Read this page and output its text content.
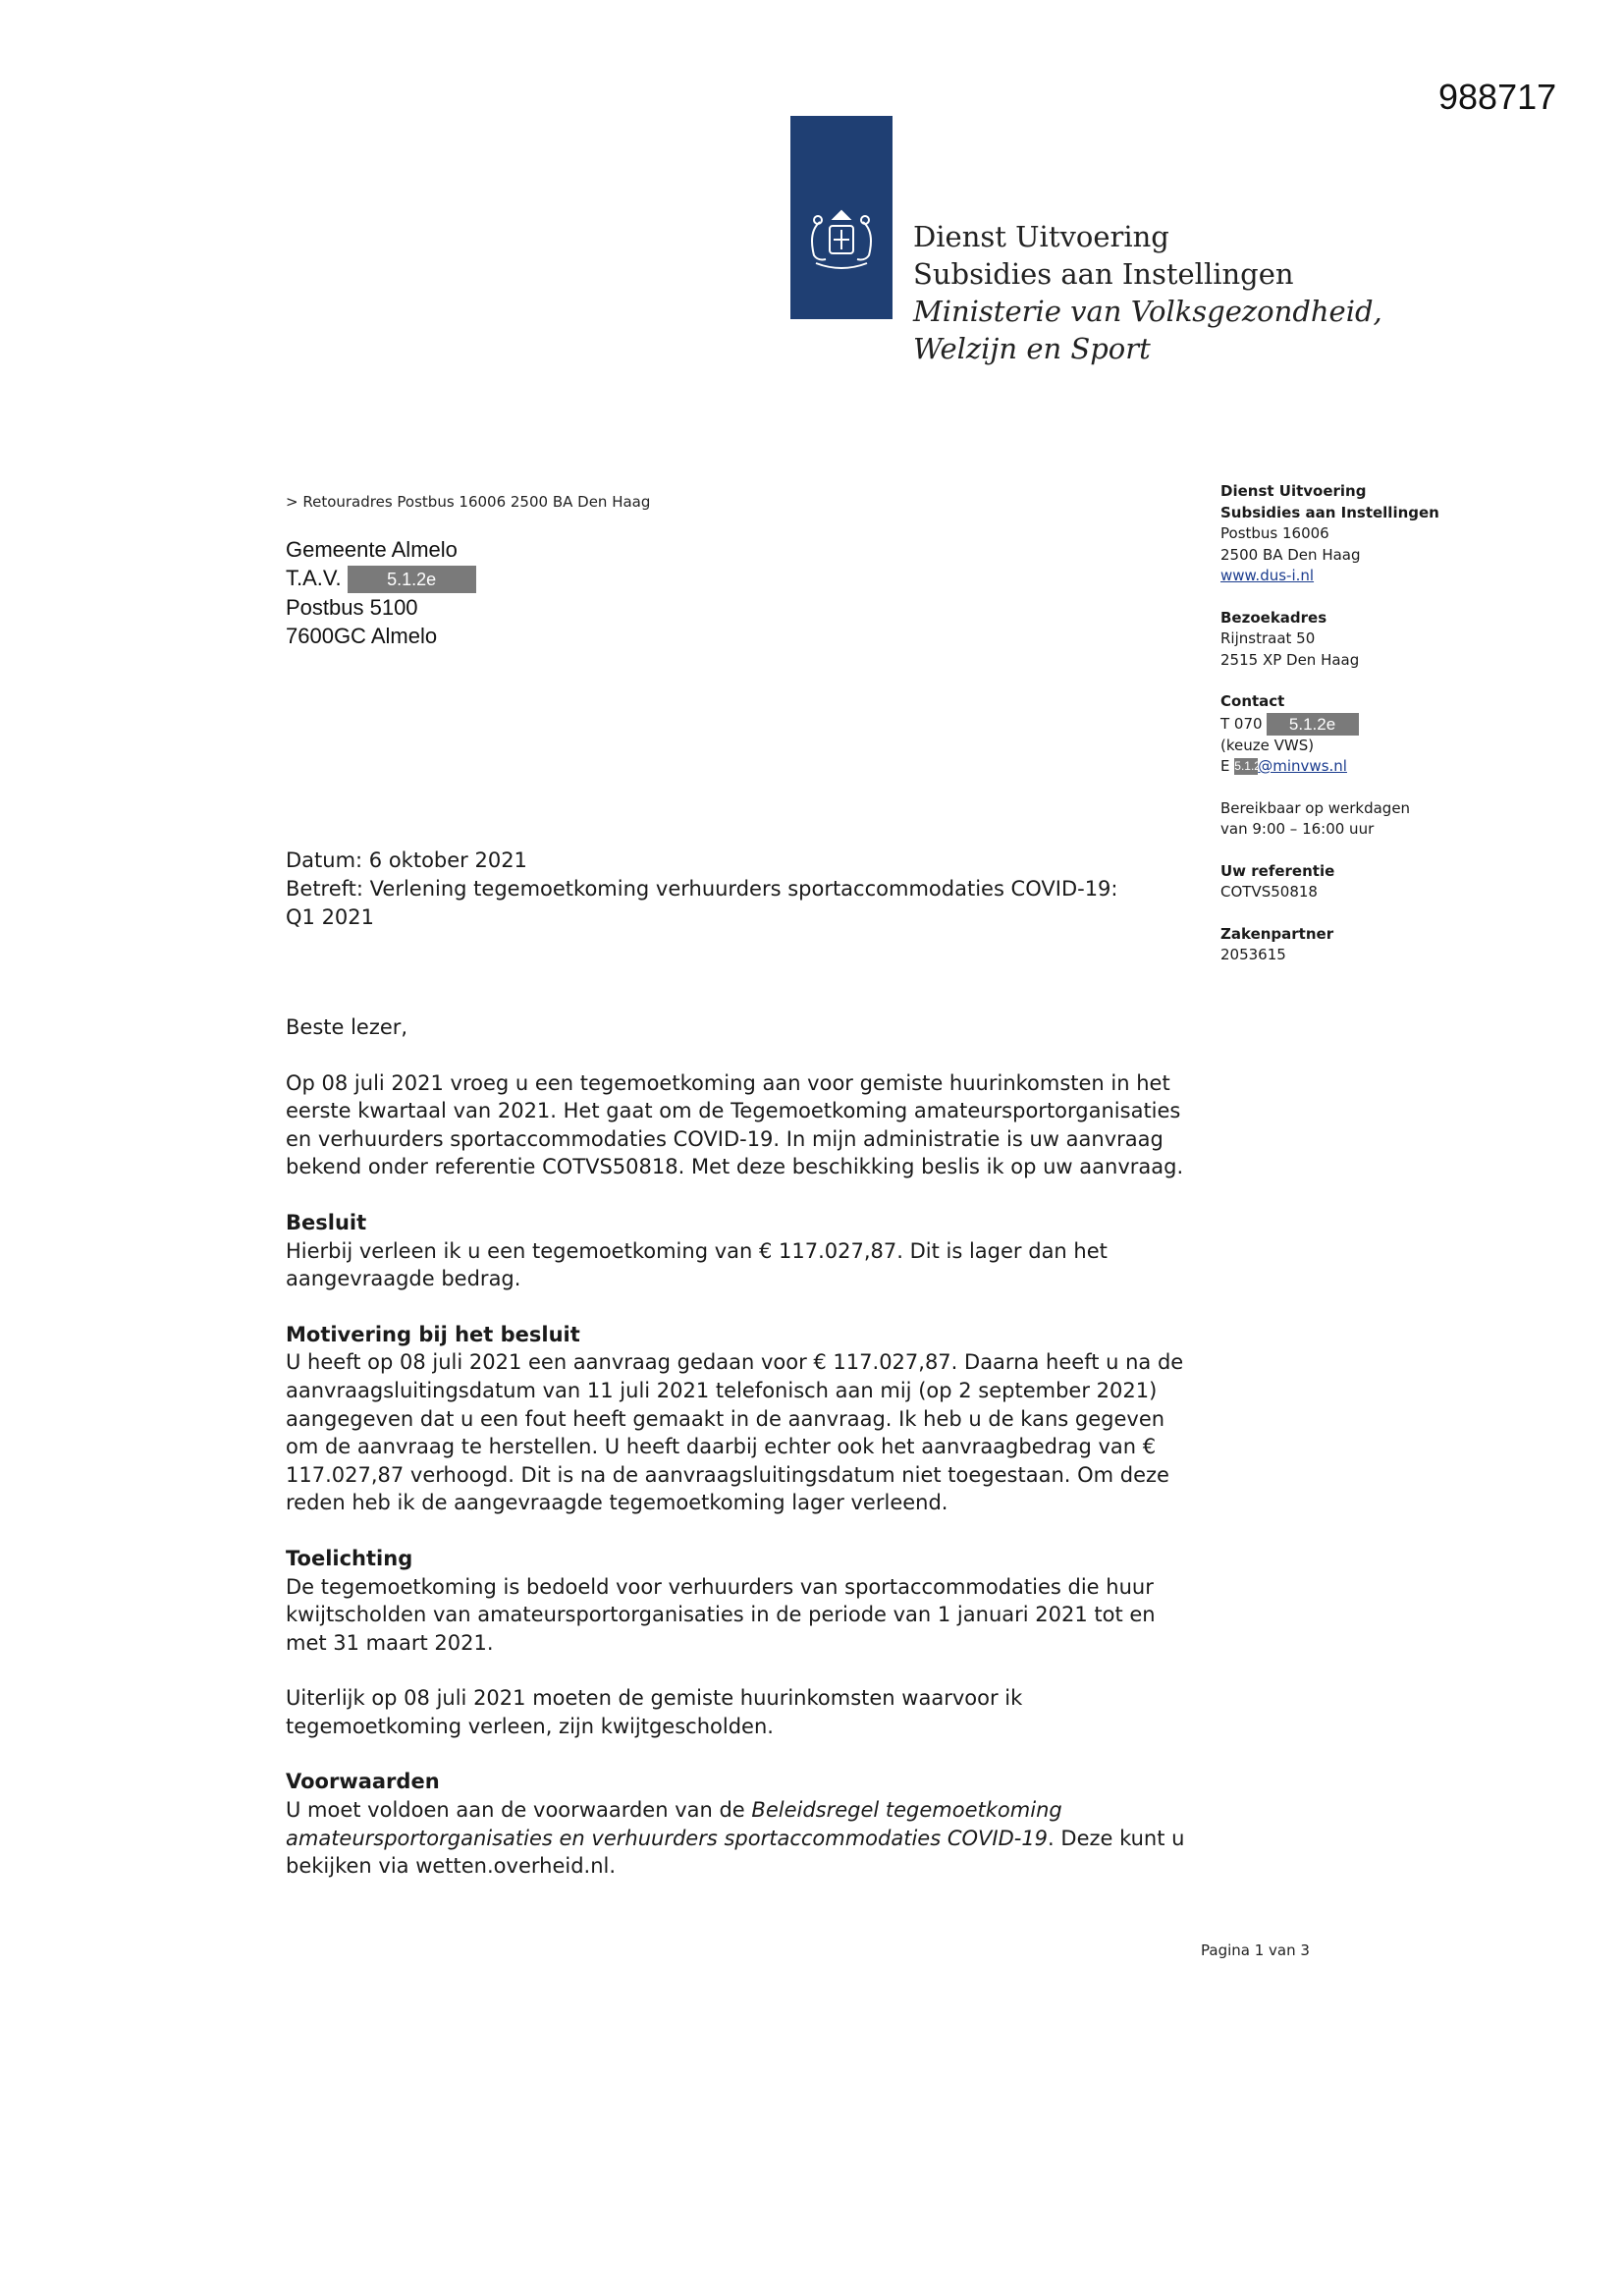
988717
Dienst Uitvoering
Subsidies aan Instellingen
Ministerie van Volksgezondheid,
Welzijn en Sport
> Retouradres Postbus 16006 2500 BA Den Haag
Gemeente Almelo
T.A.V.	5.1.2e
Postbus 5100
7600GC Almelo
Dienst Uitvoering
Subsidies aan Instellingen
Postbus 16006
2500 BA Den Haag
www.dus-i.nl
Bezoekadres
Rijnstraat 50
2515 XP Den Haag
Contact
T 070 5.1.2e
(keuze VWS)
E 5.1.2e@minvws.nl
Bereikbaar op werkdagen
van 9:00 – 16:00 uur
Uw referentie
COTVS50818
Zakenpartner
2053615
Datum: 6 oktober 2021
Betreft: Verlening tegemoetkoming verhuurders sportaccommodaties COVID-19:
Q1 2021

Beste lezer,

Op 08 juli 2021 vroeg u een tegemoetkoming aan voor gemiste huurinkomsten in het eerste kwartaal van 2021. Het gaat om de Tegemoetkoming amateursportorganisaties en verhuurders sportaccommodaties COVID-19. In mijn administratie is uw aanvraag bekend onder referentie COTVS50818. Met deze beschikking beslis ik op uw aanvraag.

Besluit
Hierbij verleen ik u een tegemoetkoming van € 117.027,87. Dit is lager dan het aangevraagde bedrag.
Motivering bij het besluit
U heeft op 08 juli 2021 een aanvraag gedaan voor € 117.027,87. Daarna heeft u na de aanvraagsluitingsdatum van 11 juli 2021 telefonisch aan mij (op 2 september 2021) aangegeven dat u een fout heeft gemaakt in de aanvraag. Ik heb u de kans gegeven om de aanvraag te herstellen. U heeft daarbij echter ook het aanvraagbedrag van € 117.027,87 verhoogd. Dit is na de aanvraagsluitingsdatum niet toegestaan. Om deze reden heb ik de aangevraagde tegemoetkoming lager verleend.
Toelichting
De tegemoetkoming is bedoeld voor verhuurders van sportaccommodaties die huur kwijtscholden van amateursportorganisaties in de periode van 1 januari 2021 tot en met 31 maart 2021.

Uiterlijk op 08 juli 2021 moeten de gemiste huurinkomsten waarvoor ik tegemoetkoming verleen, zijn kwijtgescholden.

Voorwaarden
U moet voldoen aan de voorwaarden van de Beleidsregel tegemoetkoming amateursportorganisaties en verhuurders sportaccommodaties COVID-19. Deze kunt u bekijken via wetten.overheid.nl.
Pagina 1 van 3
